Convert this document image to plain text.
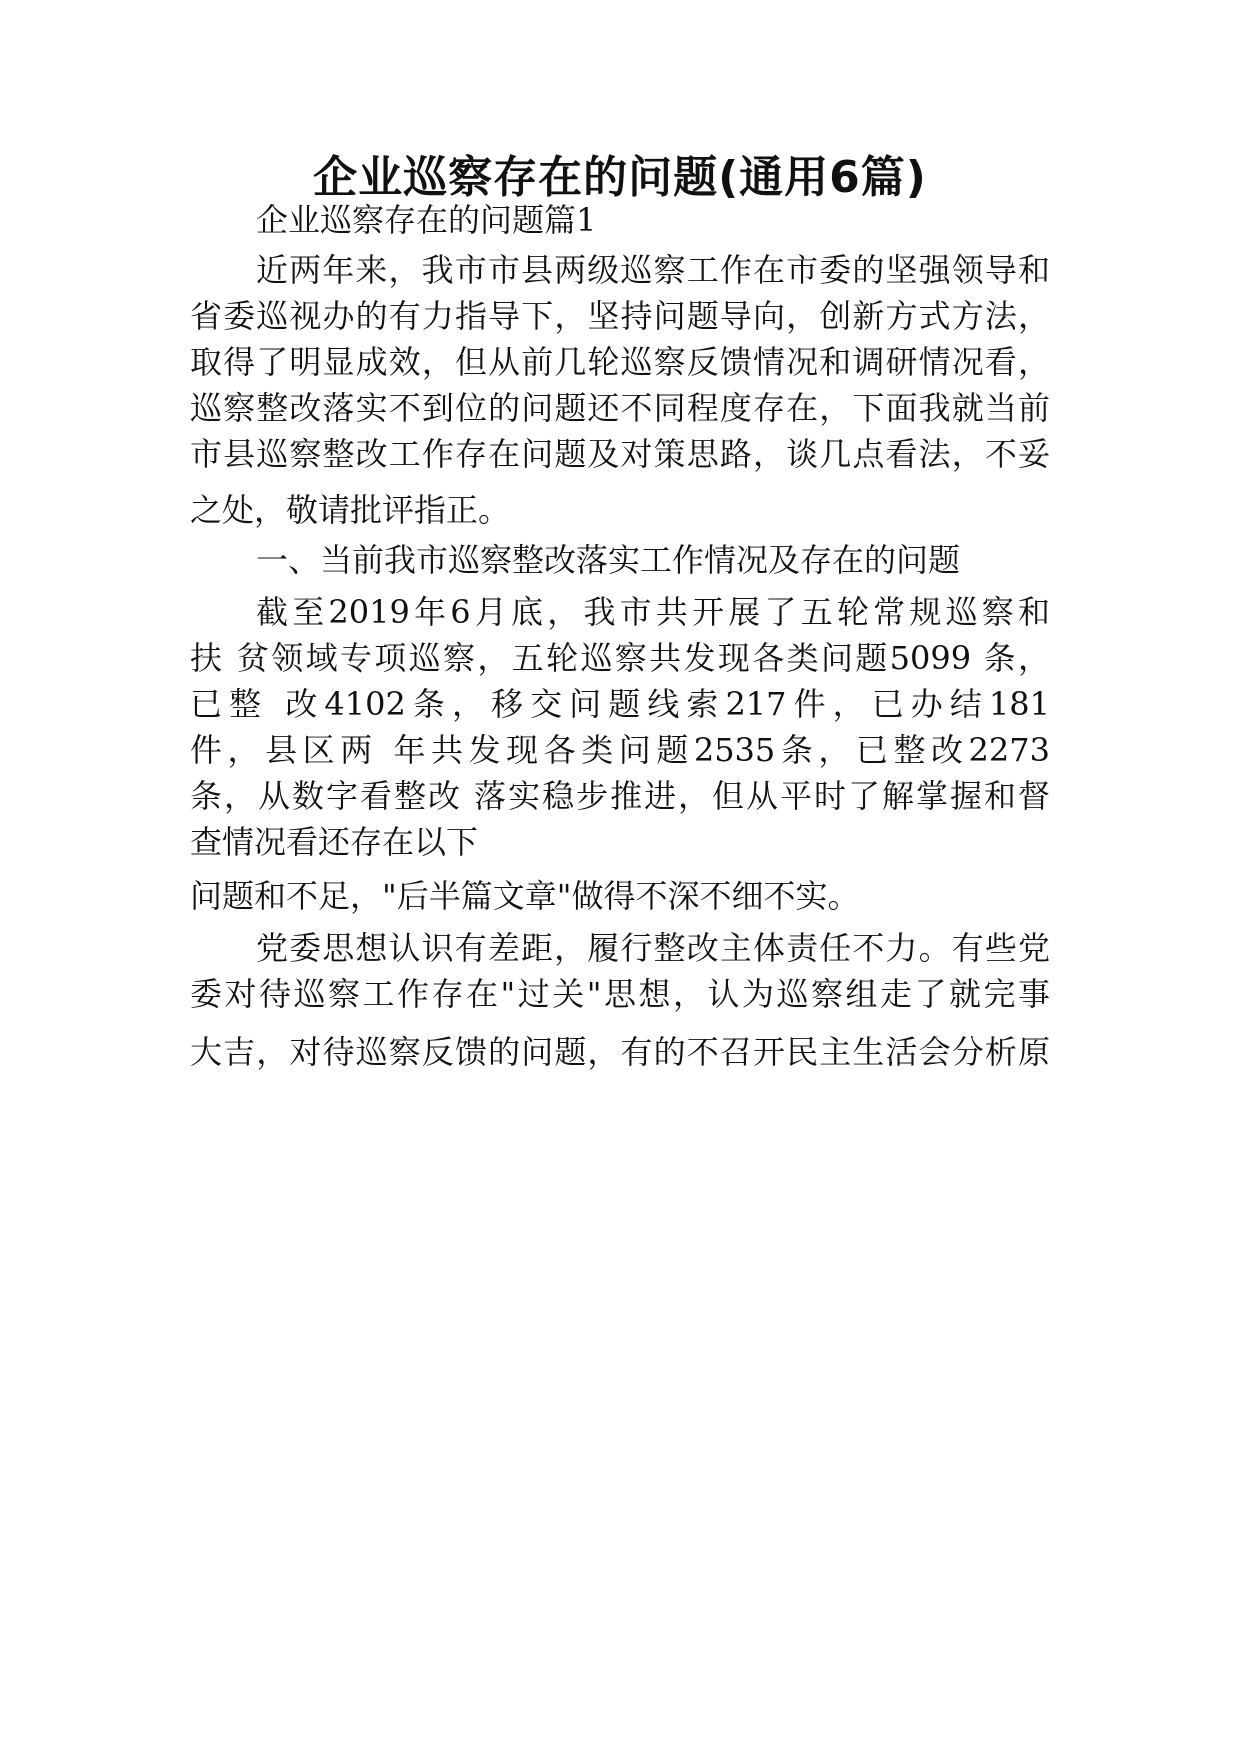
企业巡察存在的问题(通用6篇)

企业巡察存在的问题篇1

近两年来，我市市县两级巡察工作在市委的坚强领导和

省委巡视办的有力指导下，坚持问题导向，创新方式方法，

取得了明显成效，但从前几轮巡察反馈情况和调研情况看，

巡察整改落实不到位的问题还不同程度存在，下面我就当前

市县巡察整改工作存在问题及对策思路，谈几点看法，不妥

之处，敬请批评指正。

一、当前我市巡察整改落实工作情况及存在的问题

截至2019年6月底，我市共开展了五轮常规巡察和

扶 贫领域专项巡察，五轮巡察共发现各类问题5099 条，

已整 改4102条，移交问题线索217件，已办结181

件，县区两 年共发现各类问题2535条，已整改2273

条，从数字看整改 落实稳步推进，但从平时了解掌握和督

查情况看还存在以下

问题和不足，"后半篇文章"做得不深不细不实。

党委思想认识有差距，履行整改主体责任不力。有些党

委对待巡察工作存在"过关"思想，认为巡察组走了就完事

大吉，对待巡察反馈的问题，有的不召开民主生活会分析原
